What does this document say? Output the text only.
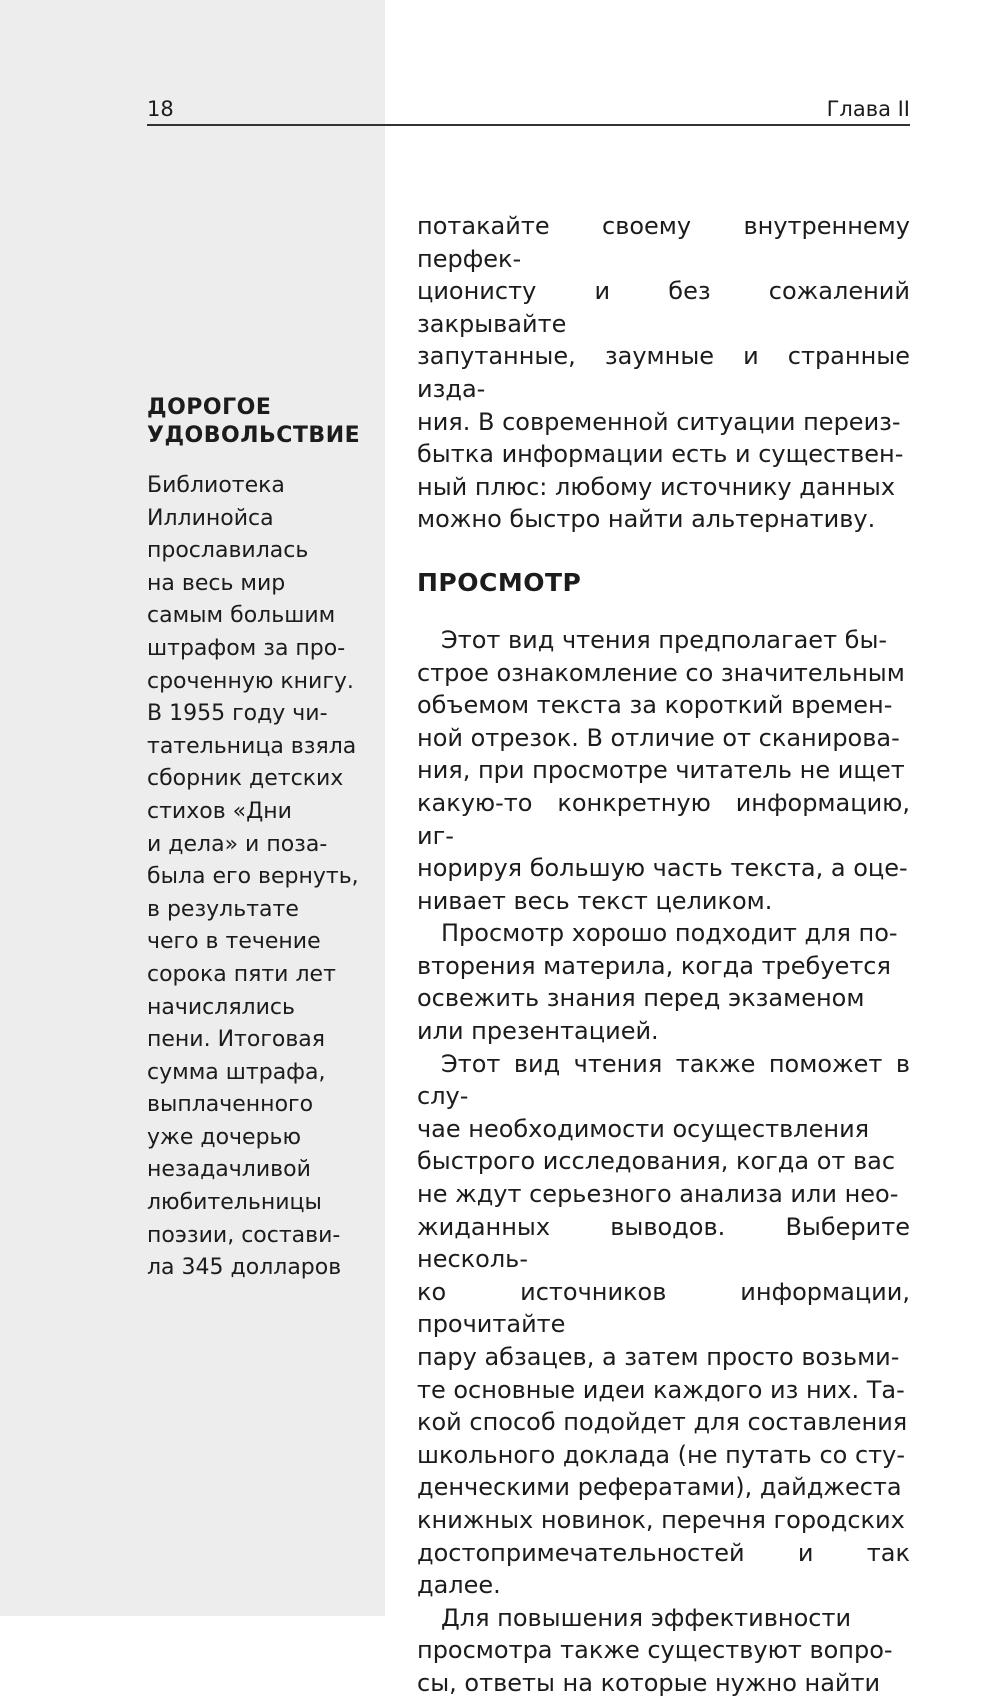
18	Глава II
ДОРОГОЕ
УДОВОЛЬСТВИЕ

Библиотека
Иллинойса
прославилась
на весь мир
самым большим
штрафом за про-
сроченную книгу.
В 1955 году чи-
тательница взяла
сборник детских
стихов «Дни
и дела» и поза-
была его вернуть,
в результате
чего в течение
сорока пяти лет
начислялись
пени. Итоговая
сумма штрафа,
выплаченного
уже дочерью
незадачливой
любительницы
поэзии, состави-
ла 345 долларов

потакайте своему внутреннему перфек-
ционисту и без сожалений закрывайте
запутанные, заумные и странные изда-
ния. В современной ситуации переиз-
бытка информации есть и существен-
ный плюс: любому источнику данных
можно быстро найти альтернативу.

ПРОСМОТР

Этот вид чтения предполагает бы-
строе ознакомление со значительным
объемом текста за короткий времен-
ной отрезок. В отличие от сканирова-
ния, при просмотре читатель не ищет
какую-то конкретную информацию, иг-
норируя большую часть текста, а оце-
нивает весь текст целиком.

Просмотр хорошо подходит для по-
вторения материла, когда требуется
освежить знания перед экзаменом
или презентацией.

Этот вид чтения также поможет в слу-
чае необходимости осуществления
быстрого исследования, когда от вас
не ждут серьезного анализа или нео-
жиданных выводов. Выберите несколь-
ко источников информации, прочитайте
пару абзацев, а затем просто возьми-
те основные идеи каждого из них. Та-
кой способ подойдет для составления
школьного доклада (не путать со сту-
денческими рефератами), дайджеста
книжных новинок, перечня городских
достопримечательностей и так далее.

Для повышения эффективности
просмотра также существуют вопро-
сы, ответы на которые нужно найти
